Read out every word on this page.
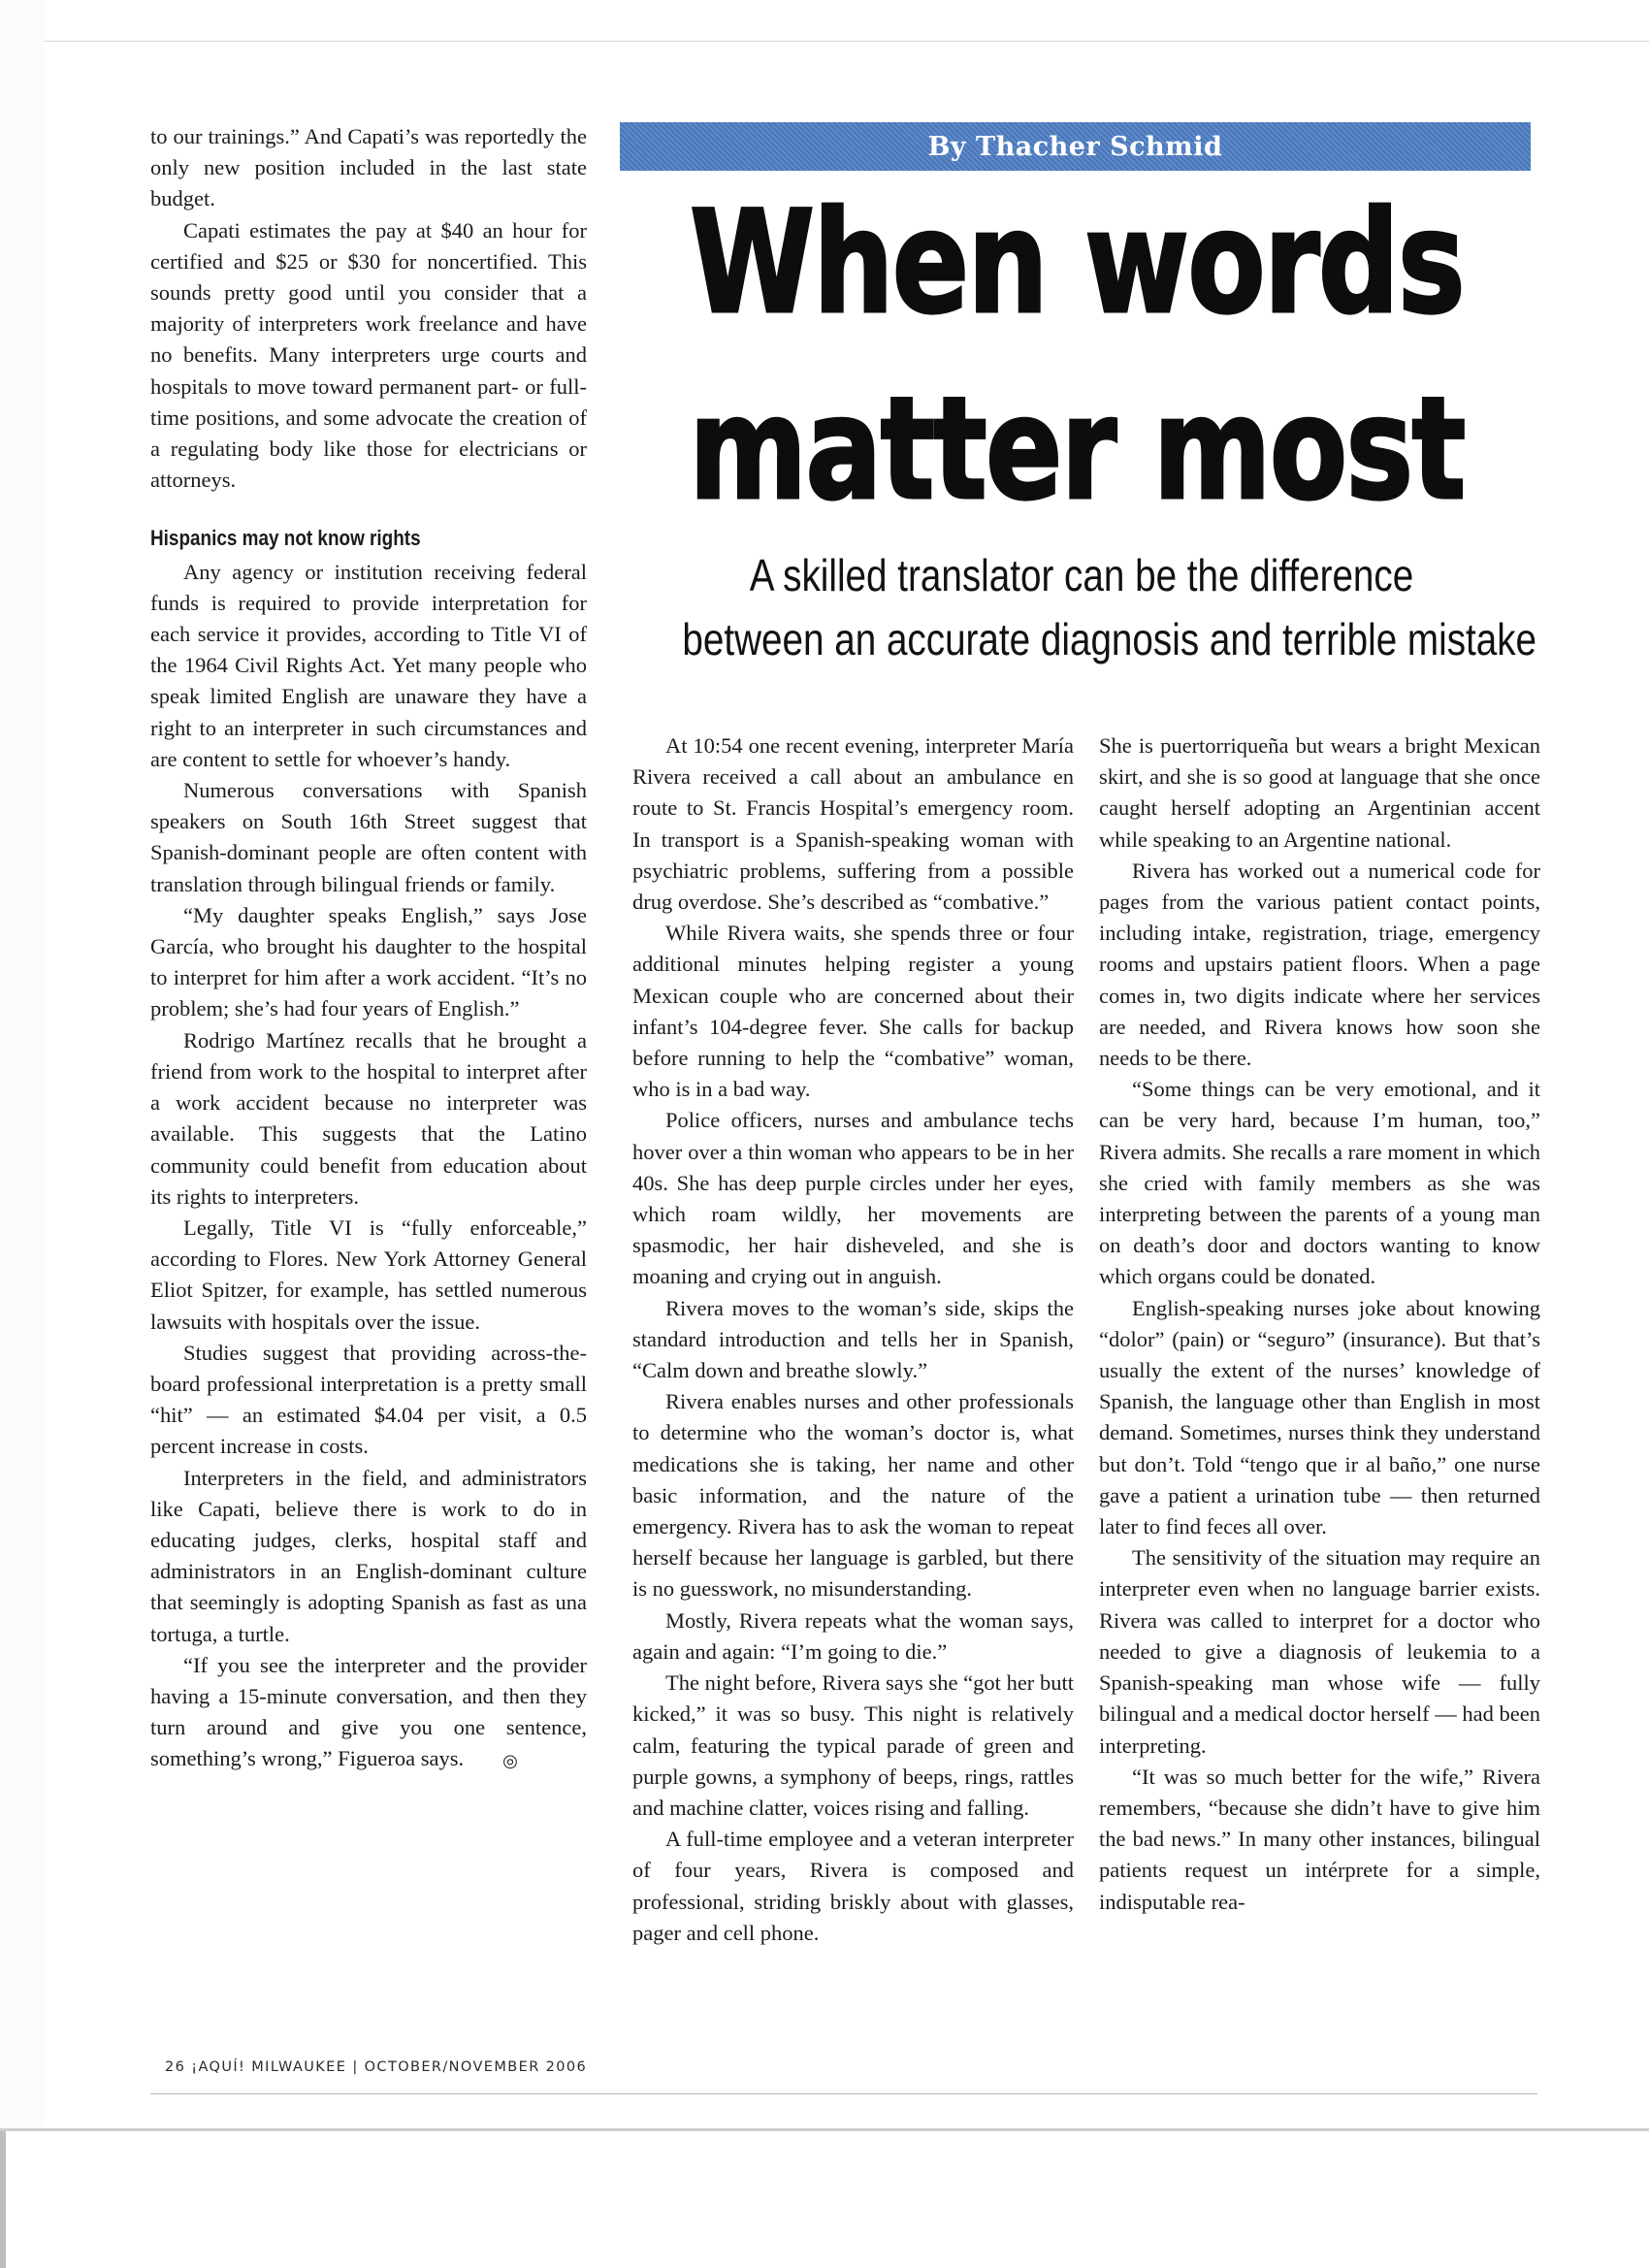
to our trainings.” And Capati’s was reportedly the only new position included in the last state budget.

Capati estimates the pay at $40 an hour for certified and $25 or $30 for noncertified. This sounds pretty good until you consider that a majority of interpreters work freelance and have no benefits. Many interpreters urge courts and hospitals to move toward permanent part- or full-time positions, and some advocate the creation of a regulating body like those for electricians or attorneys.

Hispanics may not know rights

Any agency or institution receiving federal funds is required to provide interpretation for each service it provides, according to Title VI of the 1964 Civil Rights Act. Yet many people who speak limited English are unaware they have a right to an interpreter in such circumstances and are content to settle for whoever’s handy.

Numerous conversations with Spanish speakers on South 16th Street suggest that Spanish-dominant people are often content with translation through bilingual friends or family.

“My daughter speaks English,” says Jose García, who brought his daughter to the hospital to interpret for him after a work accident. “It’s no problem; she’s had four years of English.”

Rodrigo Martínez recalls that he brought a friend from work to the hospital to interpret after a work accident because no interpreter was available. This suggests that the Latino community could benefit from education about its rights to interpreters.

Legally, Title VI is “fully enforceable,” according to Flores. New York Attorney General Eliot Spitzer, for example, has settled numerous lawsuits with hospitals over the issue.

Studies suggest that providing across-the-board professional interpretation is a pretty small “hit” — an estimated $4.04 per visit, a 0.5 percent increase in costs.

Interpreters in the field, and administrators like Capati, believe there is work to do in educating judges, clerks, hospital staff and administrators in an English-dominant culture that seemingly is adopting Spanish as fast as una tortuga, a turtle.

“If you see the interpreter and the provider having a 15-minute conversation, and then they turn around and give you one sentence, something’s wrong,” Figueroa says. ◎

By Thacher Schmid
When words
matter most
A skilled translator can be the difference
between an accurate diagnosis and terrible mistake

At 10:54 one recent evening, interpreter María Rivera received a call about an ambulance en route to St. Francis Hospital’s emergency room. In transport is a Spanish-speaking woman with psychiatric problems, suffering from a possible drug overdose. She’s described as “combative.”

While Rivera waits, she spends three or four additional minutes helping register a young Mexican couple who are concerned about their infant’s 104-degree fever. She calls for backup before running to help the “combative” woman, who is in a bad way.

Police officers, nurses and ambulance techs hover over a thin woman who appears to be in her 40s. She has deep purple circles under her eyes, which roam wildly, her movements are spasmodic, her hair disheveled, and she is moaning and crying out in anguish.

Rivera moves to the woman’s side, skips the standard introduction and tells her in Spanish, “Calm down and breathe slowly.”

Rivera enables nurses and other professionals to determine who the woman’s doctor is, what medications she is taking, her name and other basic information, and the nature of the emergency. Rivera has to ask the woman to repeat herself because her language is garbled, but there is no guesswork, no misunderstanding.

Mostly, Rivera repeats what the woman says, again and again: “I’m going to die.”

The night before, Rivera says she “got her butt kicked,” it was so busy. This night is relatively calm, featuring the typical parade of green and purple gowns, a symphony of beeps, rings, rattles and machine clatter, voices rising and falling.

A full-time employee and a veteran interpreter of four years, Rivera is composed and professional, striding briskly about with glasses, pager and cell phone.

She is puertorriqueña but wears a bright Mexican skirt, and she is so good at language that she once caught herself adopting an Argentinian accent while speaking to an Argentine national.

Rivera has worked out a numerical code for pages from the various patient contact points, including intake, registration, triage, emergency rooms and upstairs patient floors. When a page comes in, two digits indicate where her services are needed, and Rivera knows how soon she needs to be there.

“Some things can be very emotional, and it can be very hard, because I’m human, too,” Rivera admits. She recalls a rare moment in which she cried with family members as she was interpreting between the parents of a young man on death’s door and doctors wanting to know which organs could be donated.

English-speaking nurses joke about knowing “dolor” (pain) or “seguro” (insurance). But that’s usually the extent of the nurses’ knowledge of Spanish, the language other than English in most demand. Sometimes, nurses think they understand but don’t. Told “tengo que ir al baño,” one nurse gave a patient a urination tube — then returned later to find feces all over.

The sensitivity of the situation may require an interpreter even when no language barrier exists. Rivera was called to interpret for a doctor who needed to give a diagnosis of leukemia to a Spanish-speaking man whose wife — fully bilingual and a medical doctor herself — had been interpreting.

“It was so much better for the wife,” Rivera remembers, “because she didn’t have to give him the bad news.” In many other instances, bilingual patients request un intérprete for a simple, indisputable rea-

26 ¡AQUÍ! MILWAUKEE | OCTOBER/NOVEMBER 2006
